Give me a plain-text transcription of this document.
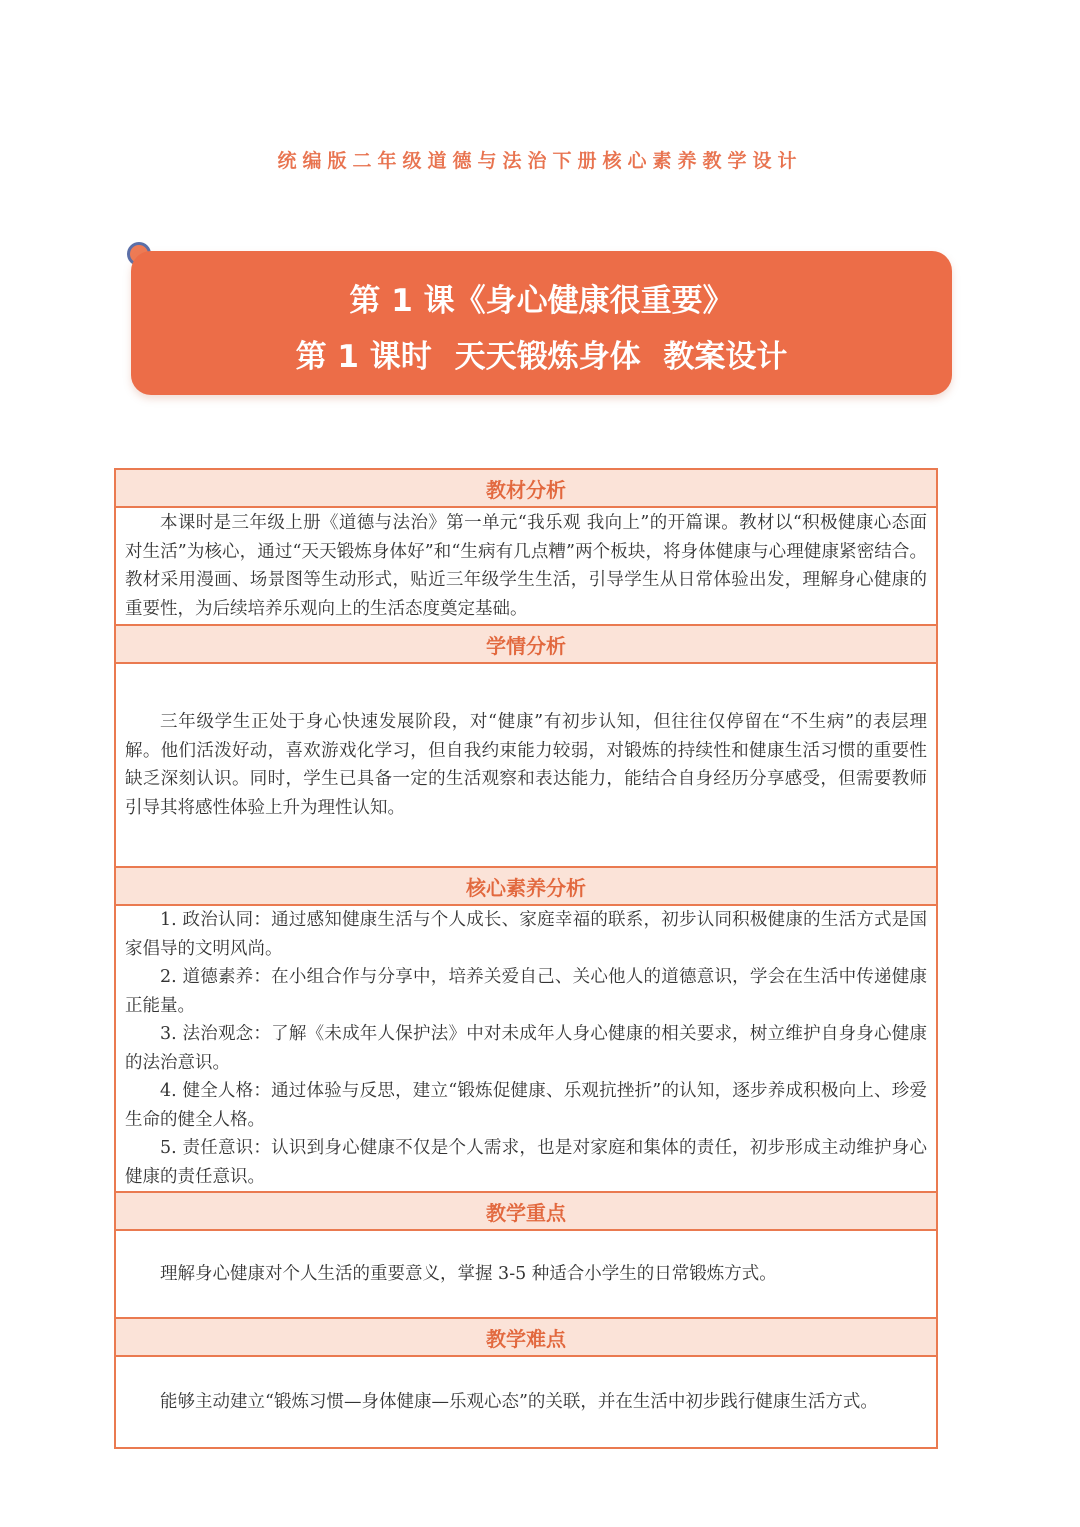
统编版二年级道德与法治下册核心素养教学设计
第 1 课《身心健康很重要》
第 1 课时 天天锻炼身体 教案设计
教材分析

本课时是三年级上册《道德与法治》第一单元“我乐观 我向上”的开篇课。教材以“积极健康心态面对生活”为核心，通过“天天锻炼身体好”和“生病有几点糟”两个板块，将身体健康与心理健康紧密结合。教材采用漫画、场景图等生动形式，贴近三年级学生生活，引导学生从日常体验出发，理解身心健康的重要性，为后续培养乐观向上的生活态度奠定基础。

学情分析

三年级学生正处于身心快速发展阶段，对“健康”有初步认知，但往往仅停留在“不生病”的表层理解。他们活泼好动，喜欢游戏化学习，但自我约束能力较弱，对锻炼的持续性和健康生活习惯的重要性缺乏深刻认识。同时，学生已具备一定的生活观察和表达能力，能结合自身经历分享感受，但需要教师引导其将感性体验上升为理性认知。

核心素养分析

1. 政治认同：通过感知健康生活与个人成长、家庭幸福的联系，初步认同积极健康的生活方式是国家倡导的文明风尚。

2. 道德素养：在小组合作与分享中，培养关爱自己、关心他人的道德意识，学会在生活中传递健康正能量。

3. 法治观念：了解《未成年人保护法》中对未成年人身心健康的相关要求，树立维护自身身心健康的法治意识。

4. 健全人格：通过体验与反思，建立“锻炼促健康、乐观抗挫折”的认知，逐步养成积极向上、珍爱生命的健全人格。

5. 责任意识：认识到身心健康不仅是个人需求，也是对家庭和集体的责任，初步形成主动维护身心健康的责任意识。

教学重点

理解身心健康对个人生活的重要意义，掌握 3-5 种适合小学生的日常锻炼方式。

教学难点

能够主动建立“锻炼习惯—身体健康—乐观心态”的关联，并在生活中初步践行健康生活方式。
